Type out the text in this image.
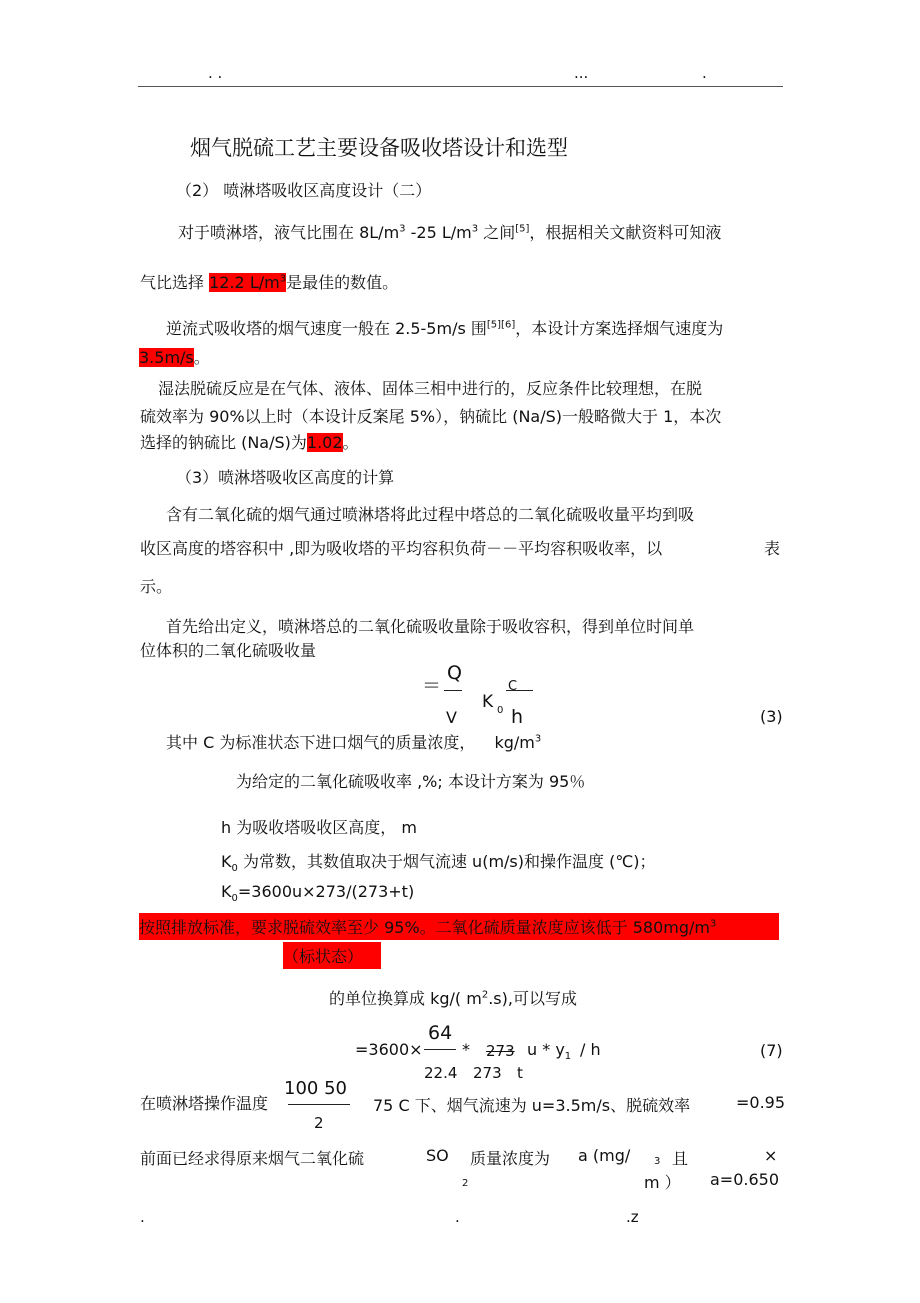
. .	...	.
烟气脱硫工艺主要设备吸收塔设计和选型
（2） 喷淋塔吸收区高度设计（二）
对于喷淋塔，液气比围在 $8L/m^3$ -25 $L/m^3$ 之间[5]，根据相关文献资料可知液
气比选择 12.2 $L/m^3$是最佳的数值。
逆流式吸收塔的烟气速度一般在 2.5-5m/s 围[5][6]，本设计方案选择烟气速度为
3.5m/s。
湿法脱硫反应是在气体、液体、固体三相中进行的，反应条件比较理想，在脱
硫效率为 90%以上时（本设计反案尾 5%），钠硫比 (Na/S)一般略微大于 1，本次
选择的钠硫比 (Na/S)为1.02。
（3）喷淋塔吸收区高度的计算
含有二氧化硫的烟气通过喷淋塔将此过程中塔总的二氧化硫吸收量平均到吸
收区高度的塔容积中 ,即为吸收塔的平均容积负荷－－平均容积吸收率，以	表
示。
首先给出定义，喷淋塔总的二氧化硫吸收量除于吸收容积，得到单位时间单
位体积的二氧化硫吸收量
＝
Q
V
K 0
C
h	(3)
其中 C 为标准状态下进口烟气的质量浓度， $kg/m^3$
为给定的二氧化硫吸收率 ,%; 本设计方案为 95％
h 为吸收塔吸收区高度， m
$K_0$ 为常数，其数值取决于烟气流速 u(m/s)和操作温度 (℃)；
$K_0=3600u\times 273/(273+t)$
按照排放标准，要求脱硫效率至少 95%。二氧化硫质量浓度应该低于 $580mg/m^3$
（标状态）
的单位换算成 kg/( $m^2.s$),可以写成
=3600×
64
22.4
* 273 u * $y_1$ / h
273 t
(7)
在喷淋塔操作温度
100 50
2
75 C 下、烟气流速为 u=3.5m/s、脱硫效率	=0.95
前面已经求得原来烟气二氧化硫	SO
2
质量浓度为 a (mg/ 3 且	×
m ） a=0.650
.	.	.z
